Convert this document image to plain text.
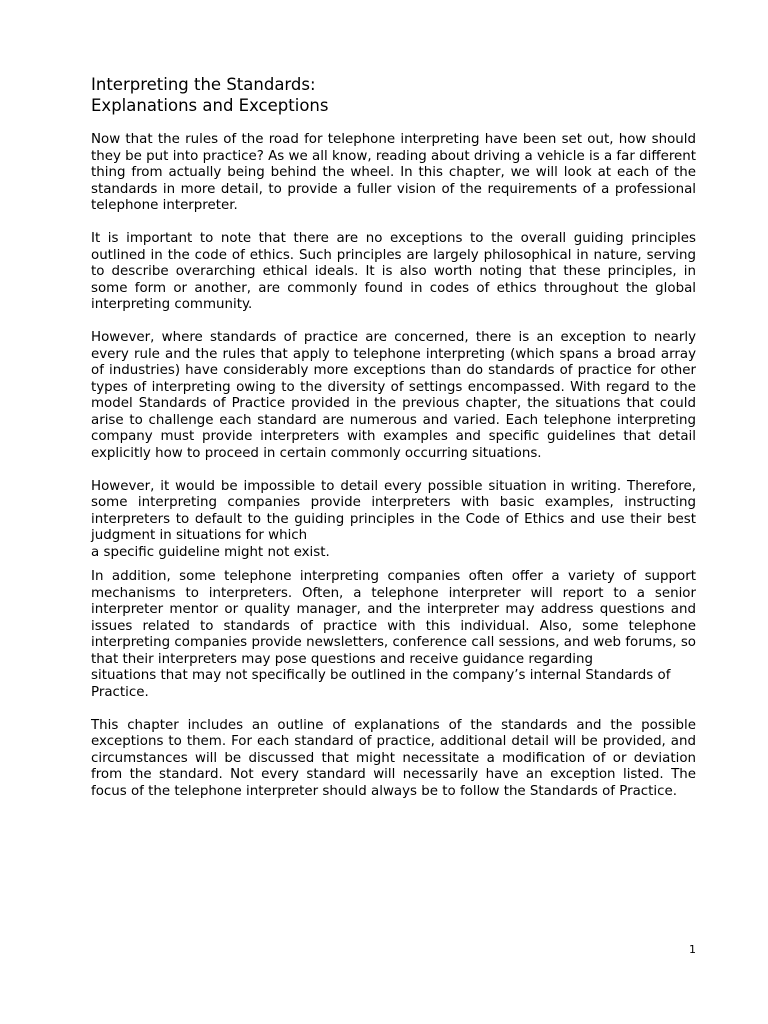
Interpreting the Standards:
Explanations and Exceptions

Now that the rules of the road for telephone interpreting have been set out, how should they be put into practice? As we all know, reading about driving a vehicle is a far different thing from actually being behind the wheel. In this chapter, we will look at each of the standards in more detail, to provide a fuller vision of the requirements of a professional telephone interpreter.

It is important to note that there are no exceptions to the overall guiding principles outlined in the code of ethics. Such principles are largely philosophical in nature, serving to describe overarching ethical ideals. It is also worth noting that these principles, in some form or another, are commonly found in codes of ethics throughout the global interpreting community.

However, where standards of practice are concerned, there is an exception to nearly every rule and the rules that apply to telephone interpreting (which spans a broad array of industries) have considerably more exceptions than do standards of practice for other types of interpreting owing to the diversity of settings encompassed. With regard to the model Standards of Practice provided in the previous chapter, the situations that could arise to challenge each standard are numerous and varied. Each telephone interpreting company must provide interpreters with examples and specific guidelines that detail explicitly how to proceed in certain commonly occurring situations.

However, it would be impossible to detail every possible situation in writing. Therefore, some interpreting companies provide interpreters with basic examples, instructing interpreters to default to the guiding principles in the Code of Ethics and use their best judgment in situations for which
a specific guideline might not exist.

In addition, some telephone interpreting companies often offer a variety of support mechanisms to interpreters. Often, a telephone interpreter will report to a senior interpreter mentor or quality manager, and the interpreter may address questions and issues related to standards of practice with this individual. Also, some telephone interpreting companies provide newsletters, conference call sessions, and web forums, so that their interpreters may pose questions and receive guidance regarding
situations that may not specifically be outlined in the company’s internal Standards of Practice.

This chapter includes an outline of explanations of the standards and the possible exceptions to them. For each standard of practice, additional detail will be provided, and circumstances will be discussed that might necessitate a modification of or deviation from the standard. Not every standard will necessarily have an exception listed. The focus of the telephone interpreter should always be to follow the Standards of Practice.

1
